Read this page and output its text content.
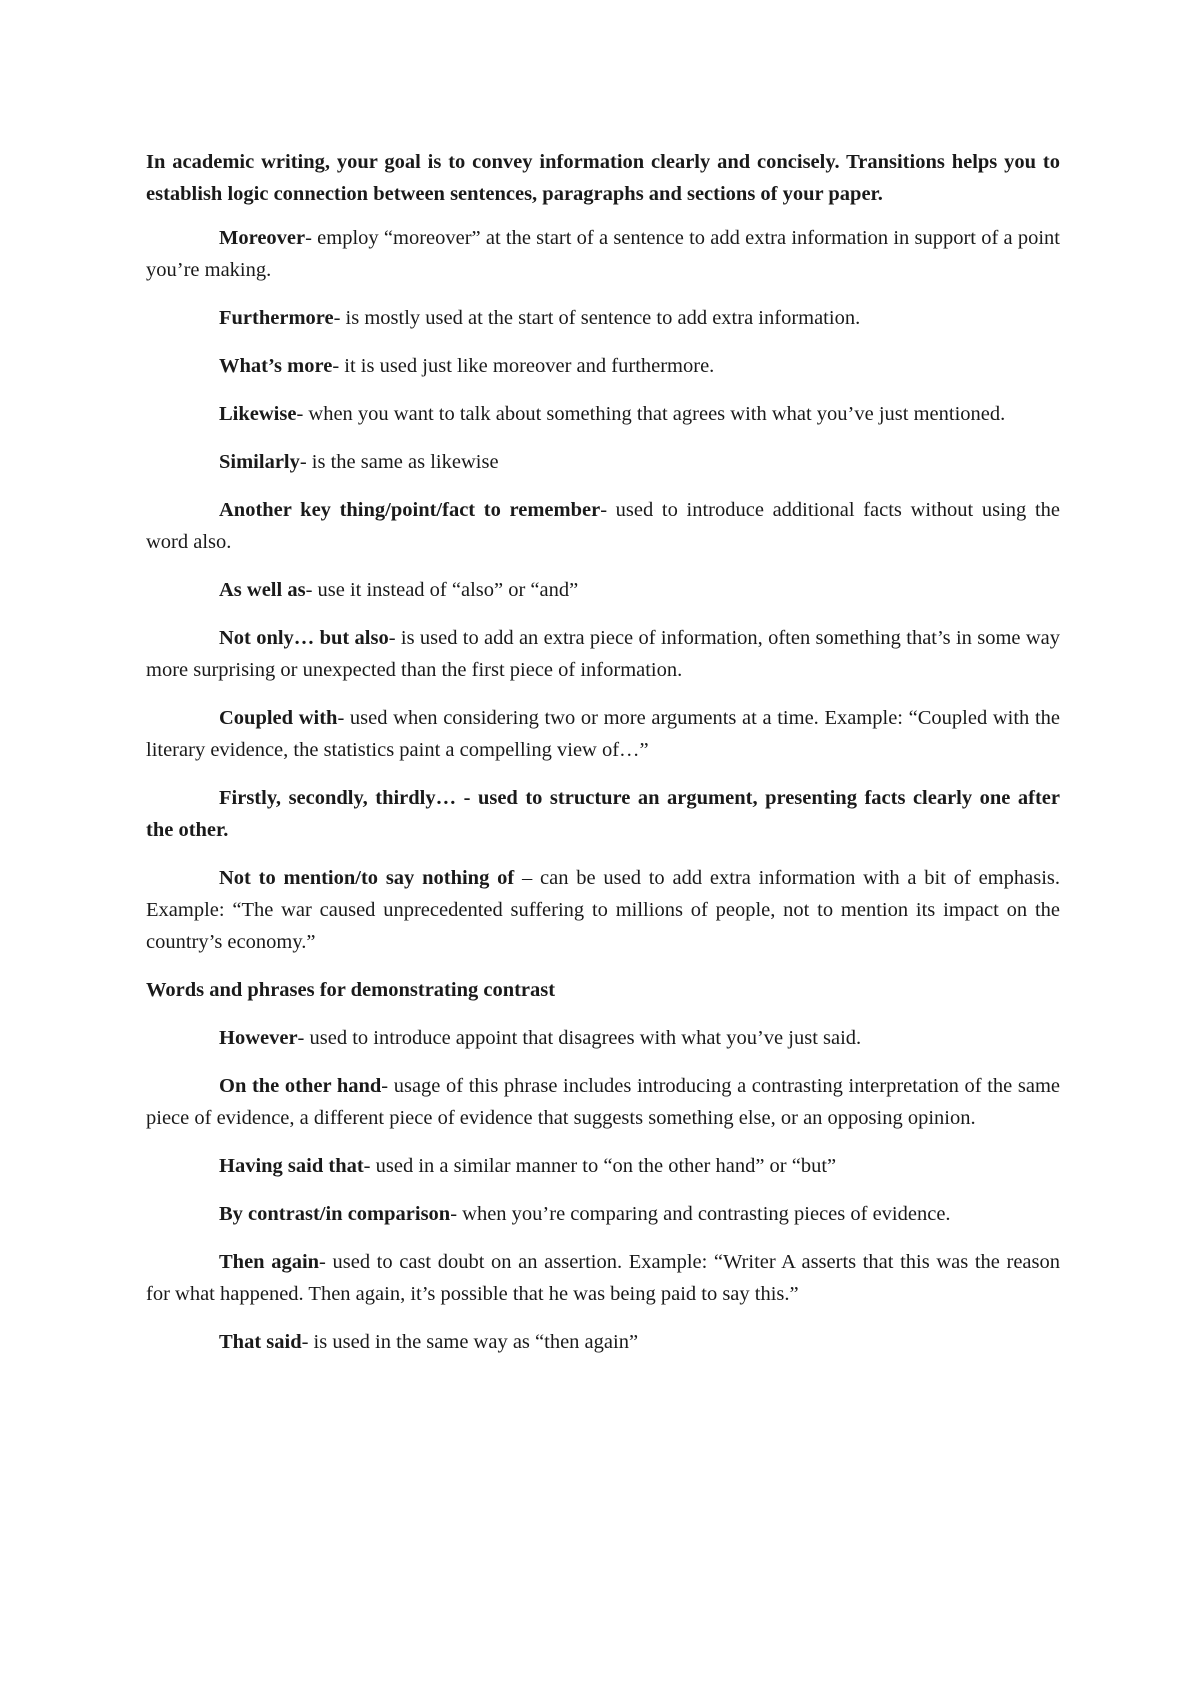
In academic writing, your goal is to convey information clearly and concisely. Transitions helps you to establish logic connection between sentences, paragraphs and sections of your paper.

Moreover- employ “moreover” at the start of a sentence to add extra information in support of a point you’re making.

Furthermore- is mostly used at the start of sentence to add extra information.

What’s more- it is used just like moreover and furthermore.

Likewise- when you want to talk about something that agrees with what you’ve just mentioned.

Similarly- is the same as likewise

Another key thing/point/fact to remember- used to introduce additional facts without using the word also.

As well as- use it instead of “also” or “and”

Not only… but also- is used to add an extra piece of information, often something that’s in some way more surprising or unexpected than the first piece of information.

Coupled with- used when considering two or more arguments at a time. Example: “Coupled with the literary evidence, the statistics paint a compelling view of…”

Firstly, secondly, thirdly… - used to structure an argument, presenting facts clearly one after the other.

Not to mention/to say nothing of – can be used to add extra information with a bit of emphasis. Example: “The war caused unprecedented suffering to millions of people, not to mention its impact on the country’s economy.”

Words and phrases for demonstrating contrast

However- used to introduce appoint that disagrees with what you’ve just said.

On the other hand- usage of this phrase includes introducing a contrasting interpretation of the same piece of evidence, a different piece of evidence that suggests something else, or an opposing opinion.

Having said that- used in a similar manner to “on the other hand” or “but”

By contrast/in comparison- when you’re comparing and contrasting pieces of evidence.

Then again- used to cast doubt on an assertion. Example: “Writer A asserts that this was the reason for what happened. Then again, it’s possible that he was being paid to say this.”

That said- is used in the same way as “then again”
